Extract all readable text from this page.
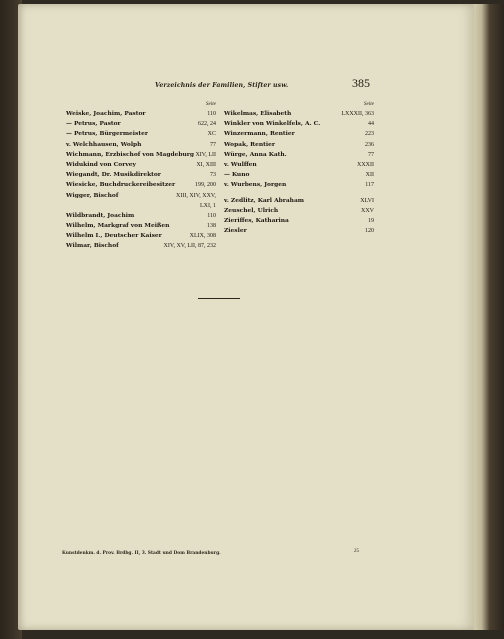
Verzeichnis der Familien, Stifter usw.	385
Seite
Weiske, Joachim, Pastor	110
— Petrus, Pastor	622, 24
— Petrus, Bürgermeister	XC
v. Welchhausen, Wolph	77
Wichmann, Erzbischof von Magdeburg XIV, LII
Widukind von Corvey	XI, XIII
Wiegandt, Dr. Musikdirektor	73
Wiesicke, Buchdruckereibesitzer	199, 200
Wigger, Bischof	XIII, XIV, XXV,
LXI, 1
Wildbrandt, Joachim	110
Wilhelm, Markgraf von Meißen	138
Wilhelm I., Deutscher Kaiser	XLIX, 308
Wilmar, Bischof	XIV, XV, LII, 87, 232
Seite
Wikelmas, Elisabeth	LXXXII, 363
Winkler von Winkelfels, A. C.	44
Winzermann, Rentier	223
Wopak, Rentier	236
Würge, Anna Kath.	77
v. Wulffen	XXXII
— Kuno	XII
v. Wurbens, Jorgen	117
v. Zedlitz, Karl Abraham	XLVI
Zeuschel, Ulrich	XXV
Zieriffes, Katharina	19
Ziesler	120
Kunstdenkm. d. Prov. Brdbg. II, 3. Stadt und Dom Brandenburg.	25
